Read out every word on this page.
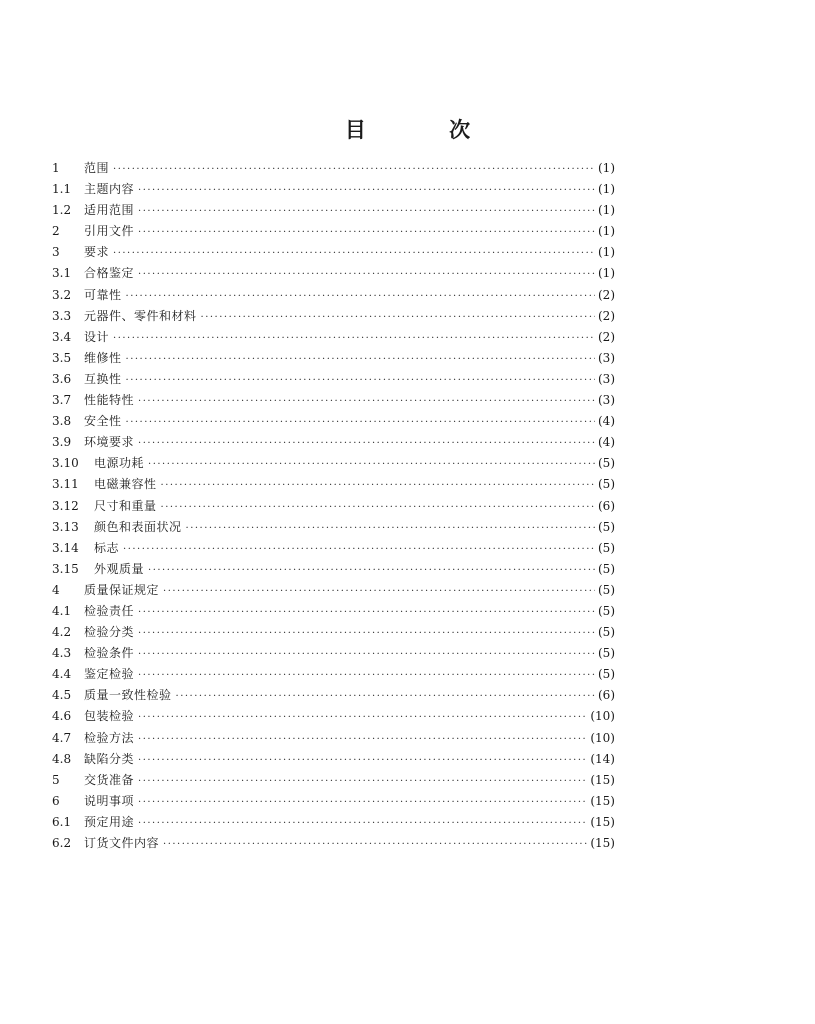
目 次
1	范围 ·····	(1)
1.1	主题内容 ·····	(1)
1.2	适用范围 ·····	(1)
2	引用文件 ·····	(1)
3	要求 ·····	(1)
3.1	合格鉴定 ·····	(1)
3.2	可靠性 ·····	(2)
3.3	元器件、零件和材料 ·····	(2)
3.4	设计 ·····	(2)
3.5	维修性 ·····	(3)
3.6	互换性 ·····	(3)
3.7	性能特性 ·····	(3)
3.8	安全性 ·····	(4)
3.9	环境要求 ·····	(4)
3.10	电源功耗 ·····	(5)
3.11	电磁兼容性 ·····	(5)
3.12	尺寸和重量 ·····	(6)
3.13	颜色和表面状况 ·····	(5)
3.14	标志 ·····	(5)
3.15	外观质量 ·····	(5)
4	质量保证规定 ·····	(5)
4.1	检验责任 ·····	(5)
4.2	检验分类 ·····	(5)
4.3	检验条件 ·····	(5)
4.4	鉴定检验 ·····	(5)
4.5	质量一致性检验 ·····	(6)
4.6	包装检验 ·····	(10)
4.7	检验方法 ·····	(10)
4.8	缺陷分类 ·····	(14)
5	交货准备 ·····	(15)
6	说明事项 ·····	(15)
6.1	预定用途 ·····	(15)
6.2	订货文件内容 ·····	(15)
